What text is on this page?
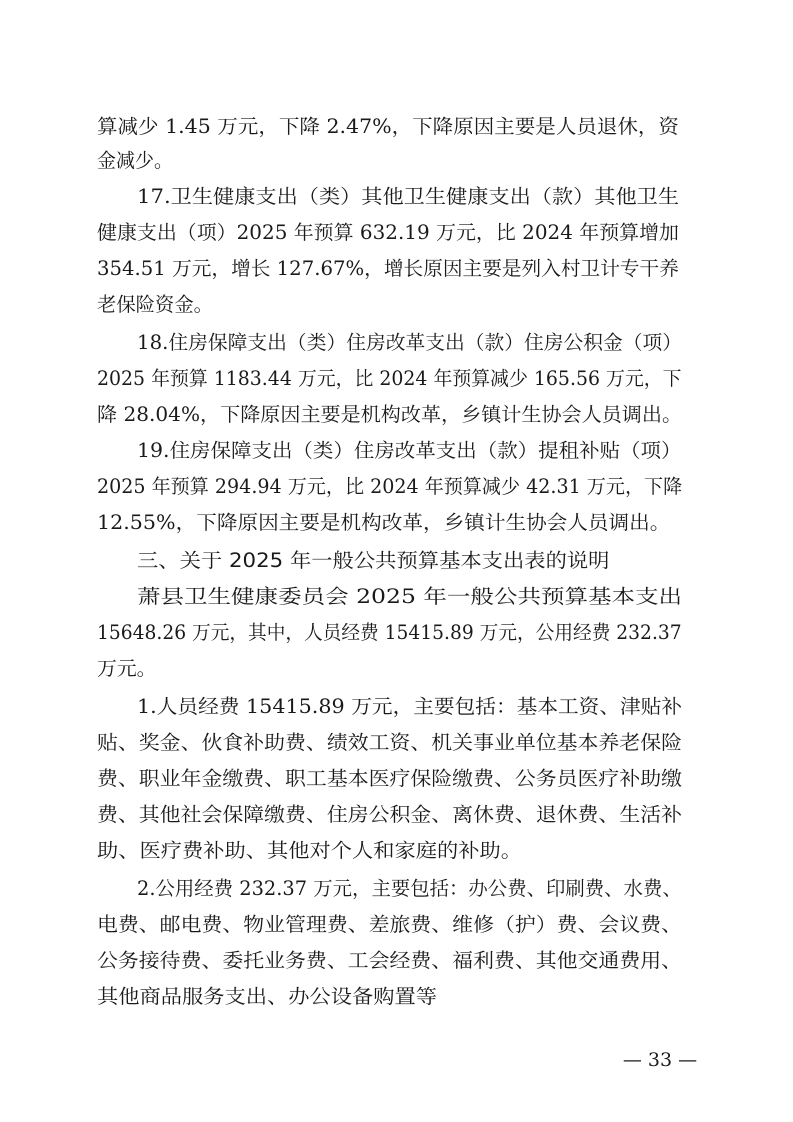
算减少 1.45 万元，下降 2.47%，下降原因主要是人员退休，资
金减少。
17.卫生健康支出（类）其他卫生健康支出（款）其他卫生
健康支出（项）2025 年预算 632.19 万元，比 2024 年预算增加
354.51 万元，增长 127.67%，增长原因主要是列入村卫计专干养
老保险资金。
18.住房保障支出（类）住房改革支出（款）住房公积金（项）
2025 年预算 1183.44 万元，比 2024 年预算减少 165.56 万元，下
降 28.04%，下降原因主要是机构改革，乡镇计生协会人员调出。
19.住房保障支出（类）住房改革支出（款）提租补贴（项）
2025 年预算 294.94 万元，比 2024 年预算减少 42.31 万元，下降
12.55%，下降原因主要是机构改革，乡镇计生协会人员调出。
三、关于 2025 年一般公共预算基本支出表的说明
萧县卫生健康委员会 2025 年一般公共预算基本支出
15648.26 万元，其中，人员经费 15415.89 万元，公用经费 232.37
万元。
1.人员经费 15415.89 万元，主要包括：基本工资、津贴补
贴、奖金、伙食补助费、绩效工资、机关事业单位基本养老保险
费、职业年金缴费、职工基本医疗保险缴费、公务员医疗补助缴
费、其他社会保障缴费、住房公积金、离休费、退休费、生活补
助、医疗费补助、其他对个人和家庭的补助。
2.公用经费 232.37 万元，主要包括：办公费、印刷费、水费、
电费、邮电费、物业管理费、差旅费、维修（护）费、会议费、
公务接待费、委托业务费、工会经费、福利费、其他交通费用、
其他商品服务支出、办公设备购置等
— 33 —
